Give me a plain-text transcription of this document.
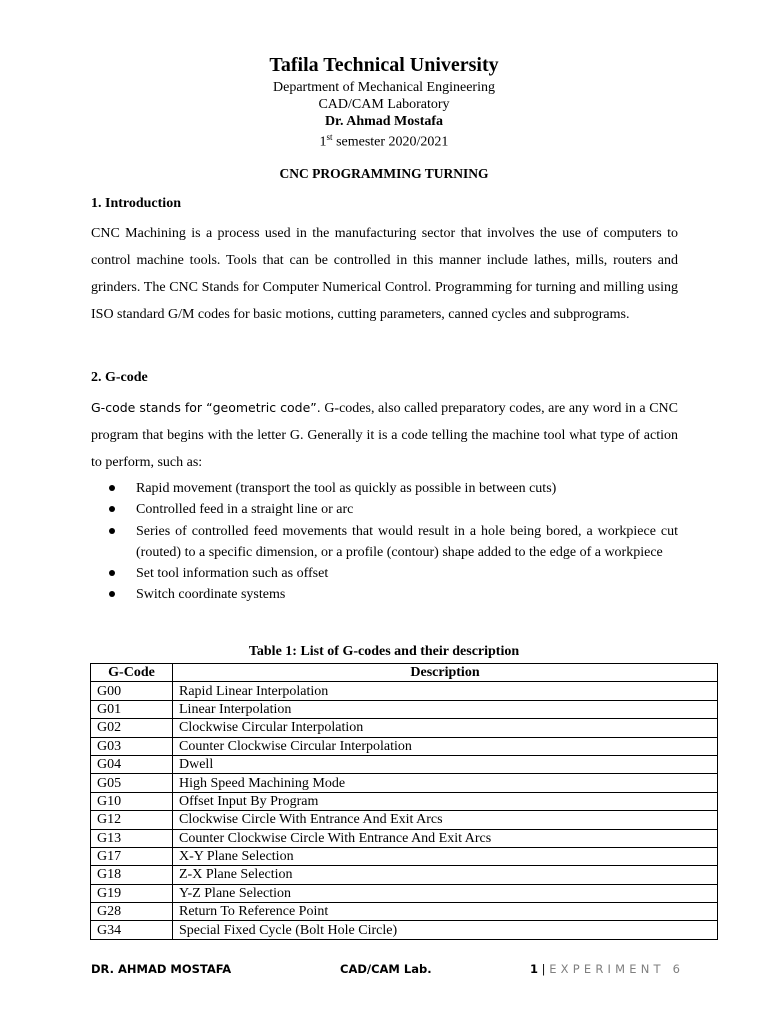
Tafila Technical University
Department of Mechanical Engineering
CAD/CAM Laboratory
Dr. Ahmad Mostafa
1st semester 2020/2021
CNC PROGRAMMING TURNING
1. Introduction

CNC Machining is a process used in the manufacturing sector that involves the use of computers to control machine tools. Tools that can be controlled in this manner include lathes, mills, routers and grinders. The CNC Stands for Computer Numerical Control. Programming for turning and milling using ISO standard G/M codes for basic motions, cutting parameters, canned cycles and subprograms.

2. G-code

G-code stands for “geometric code”. G-codes, also called preparatory codes, are any word in a CNC program that begins with the letter G. Generally it is a code telling the machine tool what type of action to perform, such as:

Rapid movement (transport the tool as quickly as possible in between cuts)
Controlled feed in a straight line or arc
Series of controlled feed movements that would result in a hole being bored, a workpiece cut (routed) to a specific dimension, or a profile (contour) shape added to the edge of a workpiece
Set tool information such as offset
Switch coordinate systems
Table 1: List of G-codes and their description
G-Code	Description
G00	Rapid Linear Interpolation
G01	Linear Interpolation
G02	Clockwise Circular Interpolation
G03	Counter Clockwise Circular Interpolation
G04	Dwell
G05	High Speed Machining Mode
G10	Offset Input By Program
G12	Clockwise Circle With Entrance And Exit Arcs
G13	Counter Clockwise Circle With Entrance And Exit Arcs
G17	X-Y Plane Selection
G18	Z-X Plane Selection
G19	Y-Z Plane Selection
G28	Return To Reference Point
G34	Special Fixed Cycle (Bolt Hole Circle)
DR. AHMAD MOSTAFA	CAD/CAM Lab.	1 | EXPERIMENT 6
